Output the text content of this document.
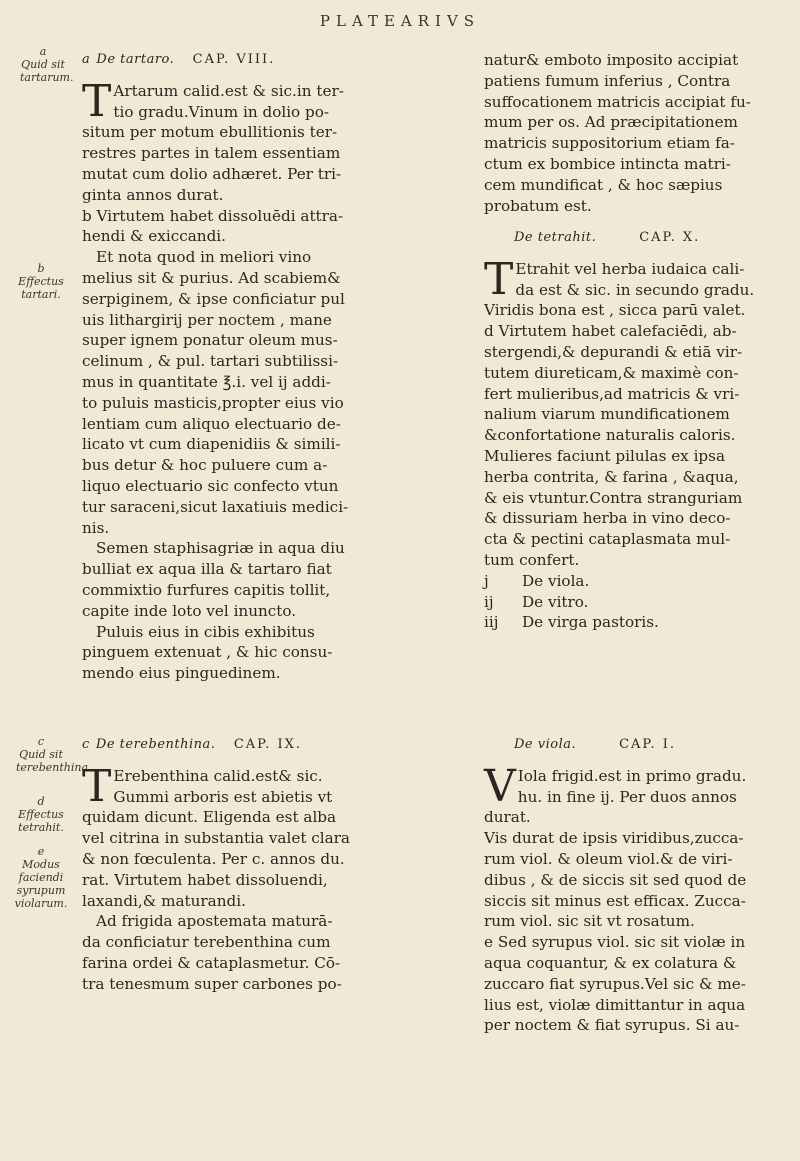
PLATEARIVS
a
Quid sit tartarum.
b
Effectus tartari.
c
Quid sit terebenthina.
d
Effectus tetrahit.
e
Modus faciendi syrupum violarum.
a De tartaro. CAP. VIII.
T Artarum calid.est & sic.in ter-
tio gradu.Vinum in dolio po-
situm per motum ebullitionis ter-
restres partes in talem essentiam
mutat cum dolio adhæret. Per tri-
ginta annos durat.
b Virtutem habet dissoluēdi attra-
hendi & exiccandi.
Et nota quod in meliori vino
melius sit & purius. Ad scabiem&
serpiginem, & ipse conficiatur pul
uis lithargirij per noctem , mane
super ignem ponatur oleum mus-
celinum , & pul. tartari subtilissi-
mus in quantitate ℥.i. vel ij addi-
to puluis masticis,propter eius vio
lentiam cum aliquo electuario de-
licato vt cum diapenidiis & simili-
bus detur & hoc puluere cum a-
liquo electuario sic confecto vtun
tur saraceni,sicut laxatiuis medici-
nis.
Semen staphisagriæ in aqua diu
bulliat ex aqua illa & tartaro fiat
commixtio furfures capitis tollit,
capite inde loto vel inuncto.
Puluis eius in cibis exhibitus
pinguem extenuat , & hic consu-
mendo eius pinguedinem.
natur& emboto imposito accipiat
patiens fumum inferius , Contra
suffocationem matricis accipiat fu-
mum per os. Ad præcipitationem
matricis suppositorium etiam fa-
ctum ex bombice intincta matri-
cem mundificat , & hoc sæpius
probatum est.
De tetrahit.	CAP. X.
T Etrahit vel herba iudaica cali-
da est & sic. in secundo gradu.
Viridis bona est , sicca parū valet.
d Virtutem habet calefaciēdi, ab-
stergendi,& depurandi & etiā vir-
tutem diureticam,& maximè con-
fert mulieribus,ad matricis & vri-
nalium viarum mundificationem
&confortatione naturalis caloris.
Mulieres faciunt pilulas ex ipsa
herba contrita, & farina , &aqua,
& eis vtuntur.Contra stranguriam
& dissuriam herba in vino deco-
cta & pectini cataplasmata mul-
tum confert.
j	De viola.
ij	De vitro.
iij	De virga pastoris.
c De terebenthina. CAP. IX.
T Erebenthina calid.est& sic.
Gummi arboris est abietis vt
quidam dicunt. Eligenda est alba
vel citrina in substantia valet clara
& non fœculenta. Per c. annos du.
rat. Virtutem habet dissoluendi,
laxandi,& maturandi.
Ad frigida apostemata maturā-
da conficiatur terebenthina cum
farina ordei & cataplasmetur. Cō-
tra tenesmum super carbones po-
De viola.	CAP. I.
V Iola frigid.est in primo gradu.
hu. in fine ij. Per duos annos
durat.
Vis durat de ipsis viridibus,zucca-
rum viol. & oleum viol.& de viri-
dibus , & de siccis sit sed quod de
siccis sit minus est efficax. Zucca-
rum viol. sic sit vt rosatum.
e Sed syrupus viol. sic sit violæ in
aqua coquantur, & ex colatura &
zuccaro fiat syrupus.Vel sic & me-
lius est, violæ dimittantur in aqua
per noctem & fiat syrupus. Si au-
